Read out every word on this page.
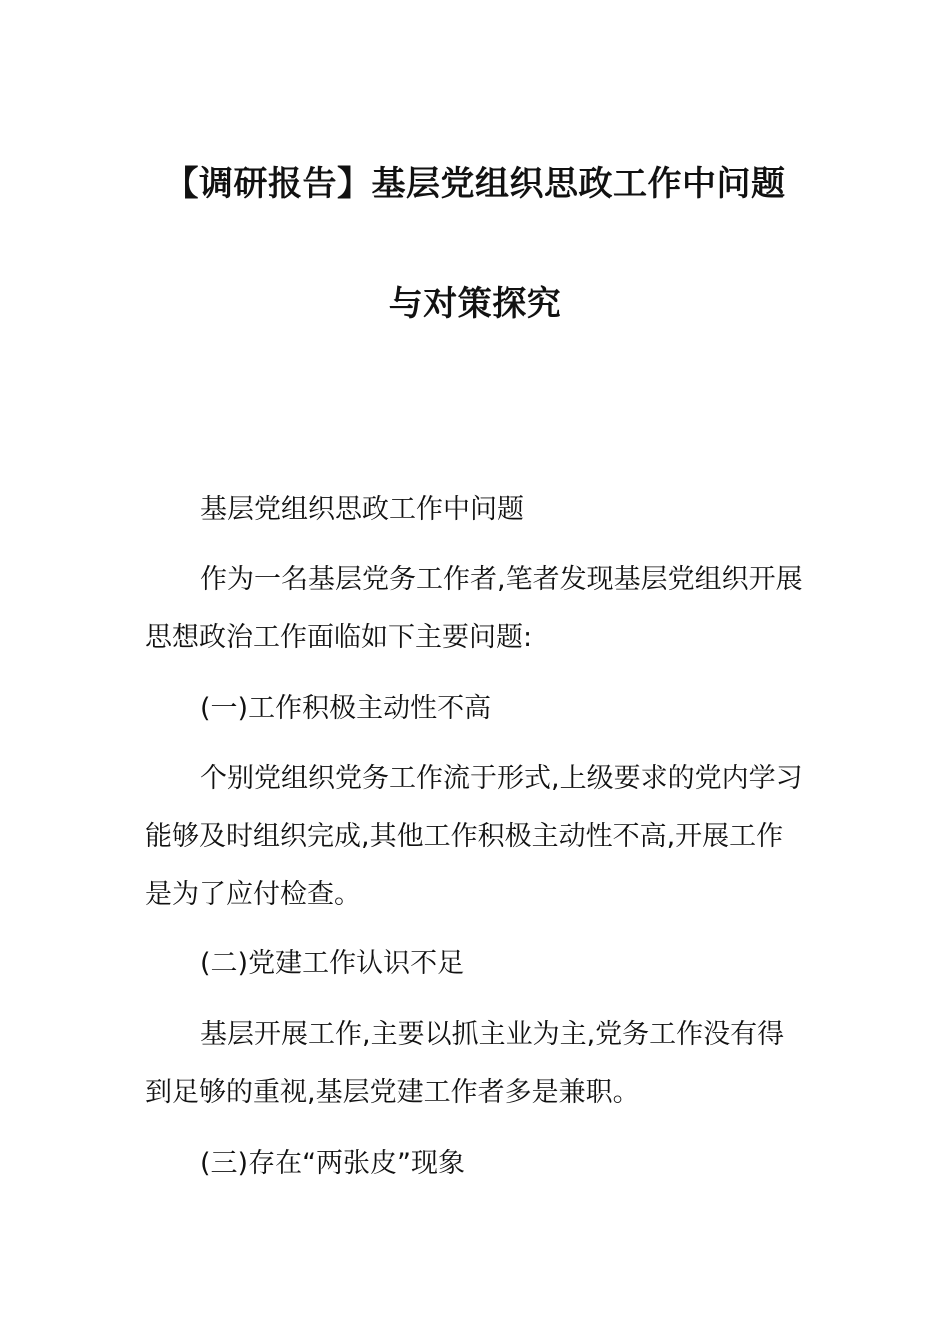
【调研报告】基层党组织思政工作中问题
与对策探究
基层党组织思政工作中问题
作为一名基层党务工作者,笔者发现基层党组织开展思想政治工作面临如下主要问题:
(一)工作积极主动性不高
个别党组织党务工作流于形式,上级要求的党内学习能够及时组织完成,其他工作积极主动性不高,开展工作是为了应付检查。
(二)党建工作认识不足
基层开展工作,主要以抓主业为主,党务工作没有得到足够的重视,基层党建工作者多是兼职。
(三)存在“两张皮”现象
